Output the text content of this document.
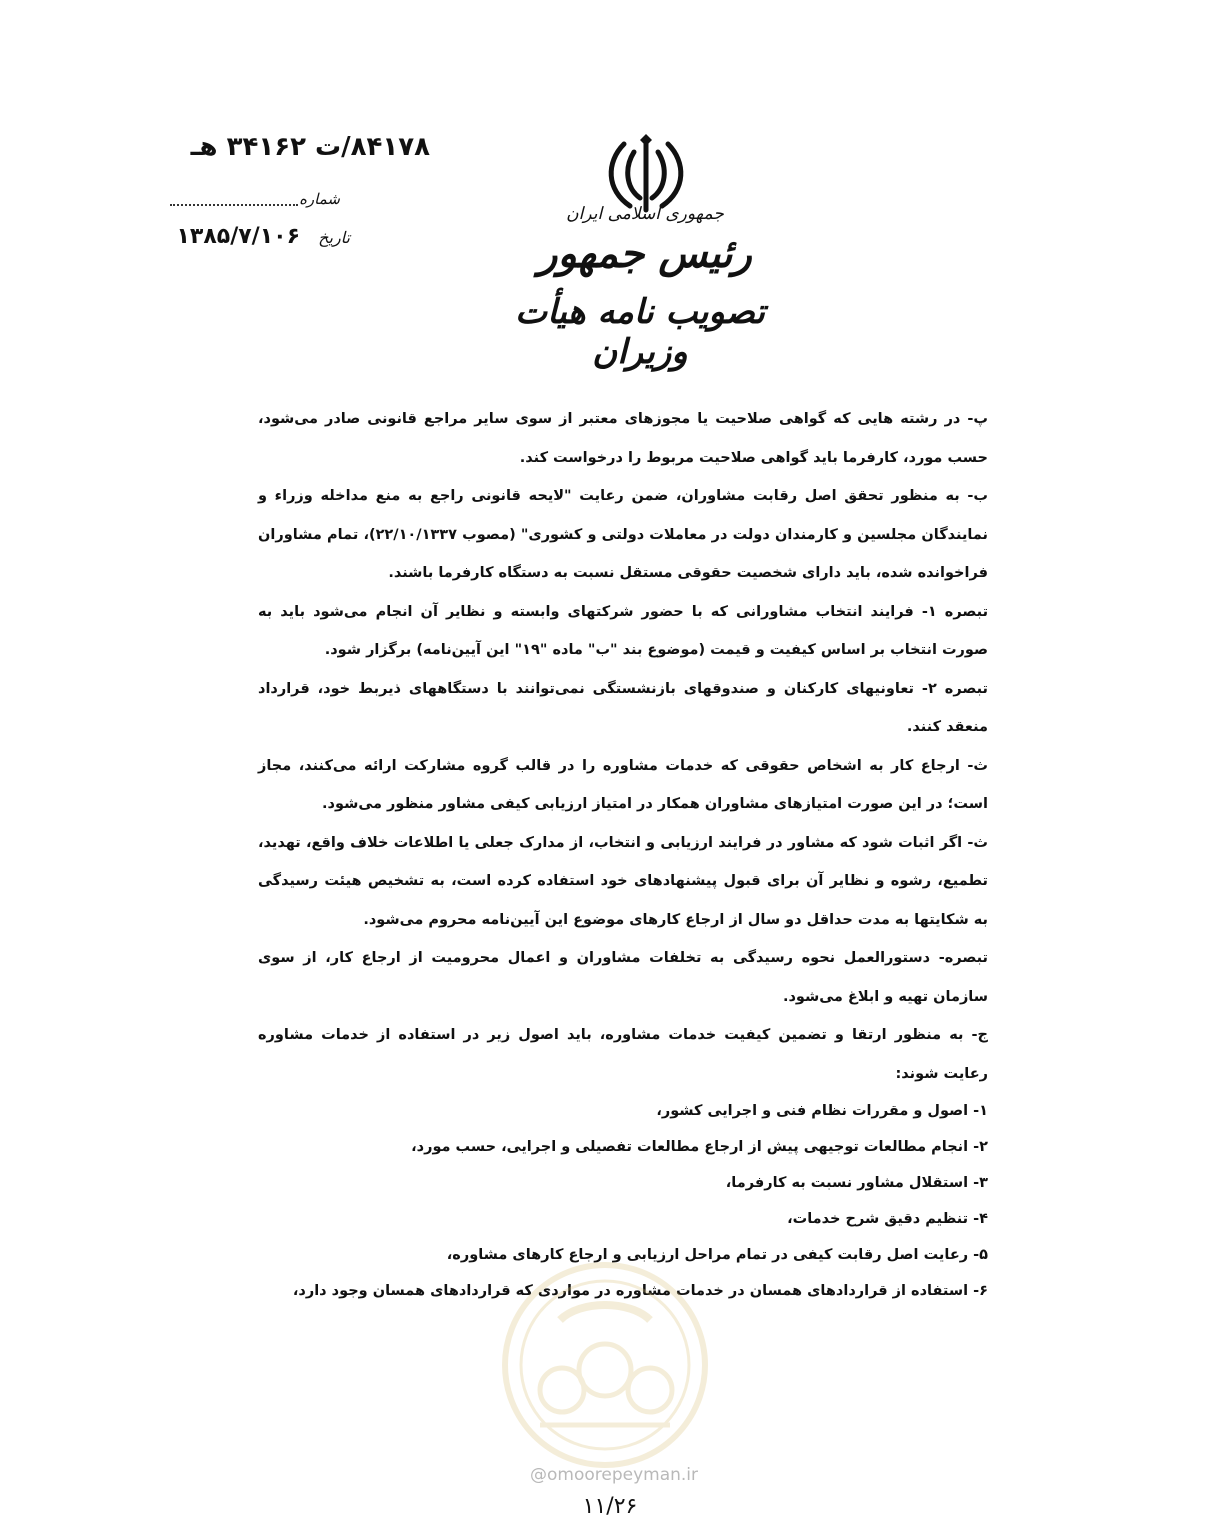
جمهوری اسلامی ایران
رئیس جمهور
تصویب نامه هیأت وزیران
۸۴۱۷۸/ت ۳۴۱۶۲ هـ
شماره
تاریخ
۱۳۸۵/۷/۱۰۶

پ- در رشته هایی که گواهی صلاحیت یا مجوزهای معتبر از سوی سایر مراجع قانونی صادر می‌شود، حسب مورد، کارفرما باید گواهی صلاحیت مربوط را درخواست کند.

ب- به منظور تحقق اصل رقابت مشاوران، ضمن رعایت "لایحه قانونی راجع به منع مداخله وزراء و نمایندگان مجلسین و کارمندان دولت در معاملات دولتی و کشوری" (مصوب ۲۲/۱۰/۱۳۳۷)، تمام مشاوران فراخوانده شده، باید دارای شخصیت حقوقی مستقل نسبت به دستگاه کارفرما باشند.

تبصره ۱- فرایند انتخاب مشاورانی که با حضور شرکتهای وابسته و نظایر آن انجام می‌شود باید به صورت انتخاب بر اساس کیفیت و قیمت (موضوع بند "ب" ماده "۱۹" این آیین‌نامه) برگزار شود.

تبصره ۲- تعاونیهای کارکنان و صندوقهای بازنشستگی نمی‌توانند با دستگاههای ذیربط خود، قرارداد منعقد کنند.

ث- ارجاع کار به اشخاص حقوقی که خدمات مشاوره را در قالب گروه مشارکت ارائه می‌کنند، مجاز است؛ در این صورت امتیازهای مشاوران همکار در امتیاز ارزیابی کیفی مشاور منظور می‌شود.

ث- اگر اثبات شود که مشاور در فرایند ارزیابی و انتخاب، از مدارک جعلی یا اطلاعات خلاف واقع، تهدید، تطمیع، رشوه و نظایر آن برای قبول پیشنهادهای خود استفاده کرده است، به تشخیص هیئت رسیدگی به شکایتها به مدت حداقل دو سال از ارجاع کارهای موضوع این آیین‌نامه محروم می‌شود.

تبصره- دستورالعمل نحوه رسیدگی به تخلفات مشاوران و اعمال محرومیت از ارجاع کار، از سوی سازمان تهیه و ابلاغ می‌شود.

ج- به منظور ارتقا و تضمین کیفیت خدمات مشاوره، باید اصول زیر در استفاده از خدمات مشاوره رعایت شوند:

۱- اصول و مقررات نظام فنی و اجرایی کشور،

۲- انجام مطالعات توجیهی پیش از ارجاع مطالعات تفصیلی و اجرایی، حسب مورد،

۳- استقلال مشاور نسبت به کارفرما،

۴- تنظیم دقیق شرح خدمات،

۵- رعایت اصل رقابت کیفی در تمام مراحل ارزیابی و ارجاع کارهای مشاوره،

۶- استفاده از قراردادهای همسان در خدمات مشاوره در مواردی که قراردادهای همسان وجود دارد،

@omoorepeyman.ir
۱۱/۲۶
